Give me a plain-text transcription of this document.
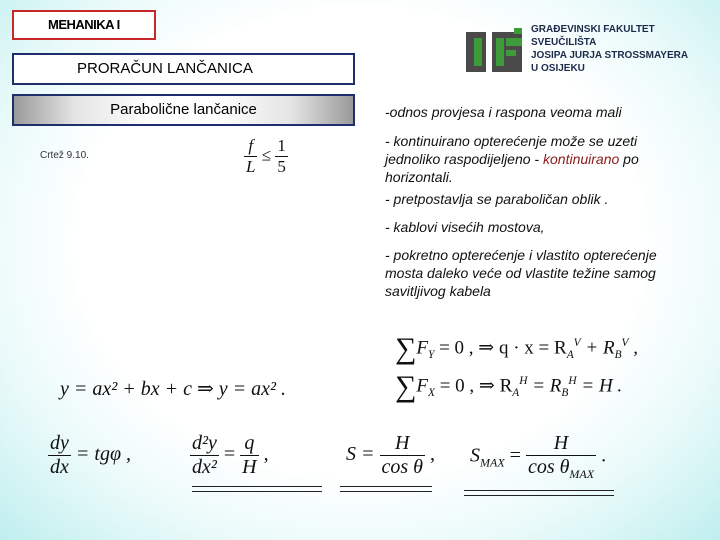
MEHANIKA I
PRORAČUN LANČANICA
Parabolične lančanice
GRAĐEVINSKI FAKULTET
SVEUČILIŠTA
JOSIPA JURJA STROSSMAYERA
U OSIJEKU
Crtež 9.10.	$\frac{f}{L} \le \frac{1}{5}$

-odnos provjesa i raspona veoma mali

- kontinuirano opterećenje može se uzeti jednoliko raspodijeljeno - kontinuirano po horizontali.

- pretpostavlja se paraboličan oblik .

- kablovi visećih mostova,

- pokretno opterećenje i vlastito opterećenje mosta daleko veće od vlastite težine samog savitljivog kabela

$\sum F_Y = 0$ , ⇒ $q \cdot x = R_A^V + R_B^V$ ,
$\sum F_X = 0$ , ⇒ $R_A^H = R_B^H = H$ .
y = ax² + bx + c ⇒ y = ax² .
$\frac{dy}{dx} = tg\varphi$ ,	$\frac{\text{d²y}}{\text{dx²}} = \frac{q}{H}$ ,	$S = \frac{H}{\text{cos θ}}$ , $S_{MAX} = \frac{H}{\cos \theta_{MAX}}$ .
